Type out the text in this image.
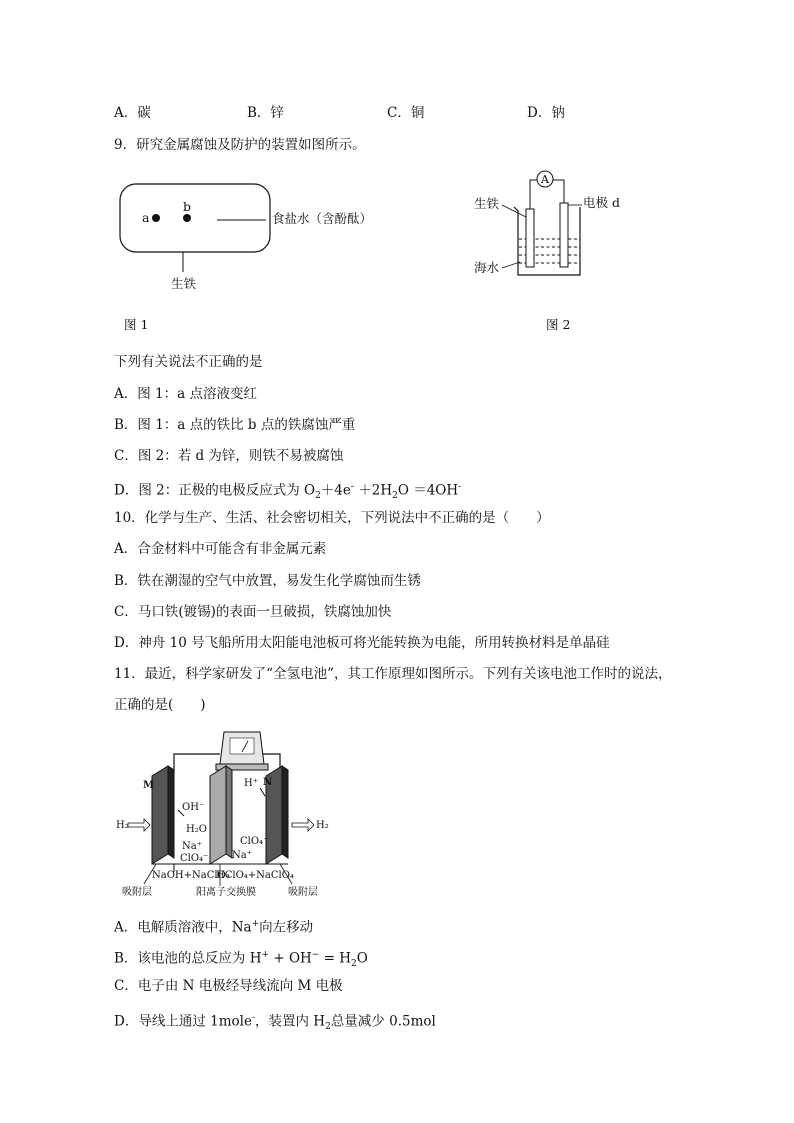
A．碳	B．锌	C．铜	D．钠
9．研究金属腐蚀及防护的装置如图所示。
a
b
食盐水（含酚酞）
生铁
图 1
A
生铁	电极 d
海水
图 2
下列有关说法不正确的是
A．图 1：a 点溶液变红
B．图 1：a 点的铁比 b 点的铁腐蚀严重
C．图 2：若 d 为锌，则铁不易被腐蚀
D．图 2：正极的电极反应式为 $O_2+4e^- +2H_2O =4OH^-$
10．化学与生产、生活、社会密切相关，下列说法中不正确的是（　　）
A．合金材料中可能含有非金属元素
B．铁在潮湿的空气中放置，易发生化学腐蚀而生锈
C．马口铁(镀锡)的表面一旦破损，铁腐蚀加快
D．神舟 10 号飞船所用太阳能电池板可将光能转换为电能，所用转换材料是单晶硅
11．最近，科学家研发了“全氢电池”，其工作原理如图所示。下列有关该电池工作时的说法，
正确的是(　　)
M	N
H₂	H₂
OH⁻
H₂O
Na⁺
ClO₄⁻
H⁺
ClO₄⁻
Na⁺
NaOH+NaClO₄
HClO₄+NaClO₄
吸附层	阳离子交换膜	吸附层
A．电解质溶液中，Na+向左移动
B．该电池的总反应为 $H^+ + OH^- = H_2O$
C．电子由 N 电极经导线流向 M 电极
D．导线上通过 1mole-，装置内 $H_2$总量减少 0.5mol
